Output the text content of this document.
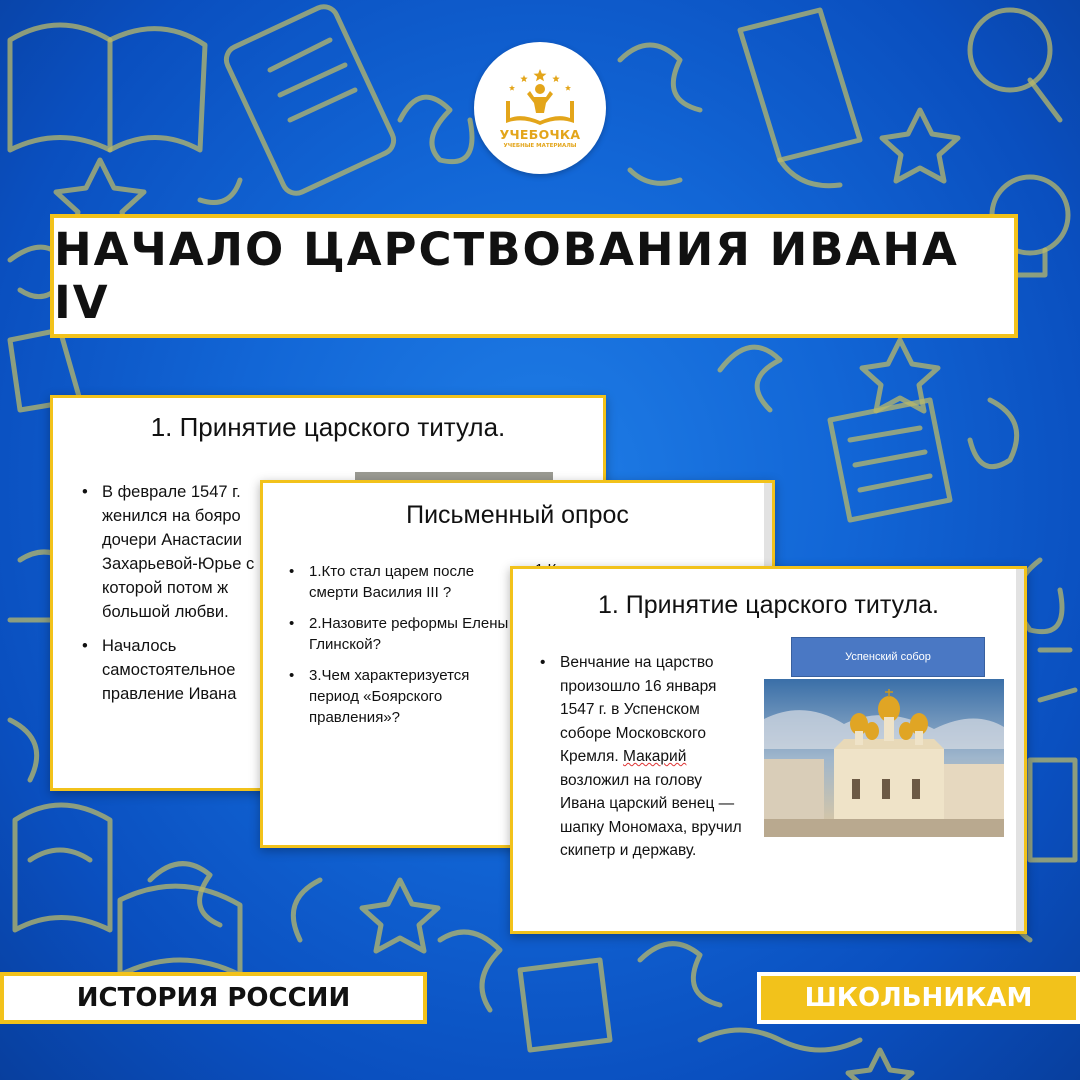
УЧЕБОЧКА
УЧЕБНЫЕ МАТЕРИАЛЫ
НАЧАЛО ЦАРСТВОВАНИЯ ИВАНА IV
1. Принятие царского титула.
• В феврале 1547 г. женился на бояро дочери Анастасии Захарьевой-Юрье с которой потом ж большой любви.
• Началось самостоятельное правление Ивана
Письменный опрос
• 1.Кто стал царем после смерти Василия III ?
• 2.Назовите реформы Елены Глинской?
• 3.Чем характеризуется период «Боярского правления»?
1. Принятие царского титула.
• Венчание на царство произошло 16 января 1547 г. в Успенском соборе Московского Кремля. Макарий возложил на голову Ивана царский венец — шапку Мономаха, вручил скипетр и державу.
Успенский собор
ИСТОРИЯ РОССИИ	ШКОЛЬНИКАМ
